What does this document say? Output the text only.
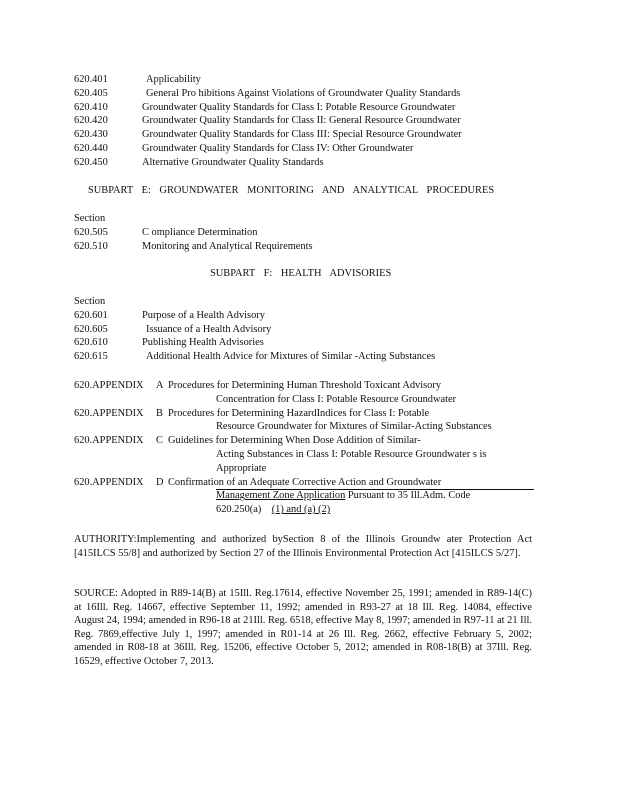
620.401	Applicability
620.405	General Pro hibitions Against Violations of Groundwater Quality Standards
620.410	Groundwater Quality Standards for Class I: Potable Resource Groundwater
620.420	Groundwater Quality Standards for Class II: General Resource Groundwater
620.430	Groundwater Quality Standards for Class III: Special Resource Groundwater
620.440	Groundwater Quality Standards for Class IV: Other Groundwater
620.450	Alternative Groundwater Quality Standards
SUBPART E: GROUNDWATER MONITORING AND ANALYTICAL PROCEDURES
Section
620.505	C ompliance Determination
620.510	Monitoring and Analytical Requirements
SUBPART F: HEALTH ADVISORIES
Section
620.601	Purpose of a Health Advisory
620.605	Issuance of a Health Advisory
620.610	Publishing Health Advisories
620.615	Additional Health Advice for Mixtures of Similar -Acting Substances
620.APPENDIX A Procedures for Determining Human Threshold Toxicant Advisory
Concentration for Class I: Potable Resource Groundwater
620.APPENDIX B Procedures for Determining HazardIndices for Class I: Potable
Resource Groundwater for Mixtures of Similar-Acting Substances
620.APPENDIX C Guidelines for Determining When Dose Addition of Similar-
Acting Substances in Class I: Potable Resource Groundwater s is
Appropriate
620.APPENDIX D Confirmation of an Adequate Corrective Action and Groundwater
Management Zone Application Pursuant to 35 Ill.Adm. Code
620.250(a) (1) and (a) (2)
AUTHORITY:Implementing and authorized bySection 8 of the Illinois Groundw ater Protection Act [415ILCS 55/8] and authorized by Section 27 of the Illinois Environmental Protection Act [415ILCS 5/27].
SOURCE: Adopted in R89-14(B) at 15Ill. Reg.17614, effective November 25, 1991; amended in R89-14(C) at 16Ill. Reg. 14667, effective September 11, 1992; amended in R93-27 at 18 Ill. Reg. 14084, effective August 24, 1994; amended in R96-18 at 21Ill. Reg. 6518, effective May 8, 1997; amended in R97-11 at 21 Ill. Reg. 7869,effective July 1, 1997; amended in R01-14 at 26 Ill. Reg. 2662, effective February 5, 2002; amended in R08-18 at 36Ill. Reg. 15206, effective October 5, 2012; amended in R08-18(B) at 37Ill. Reg. 16529, effective October 7, 2013.
